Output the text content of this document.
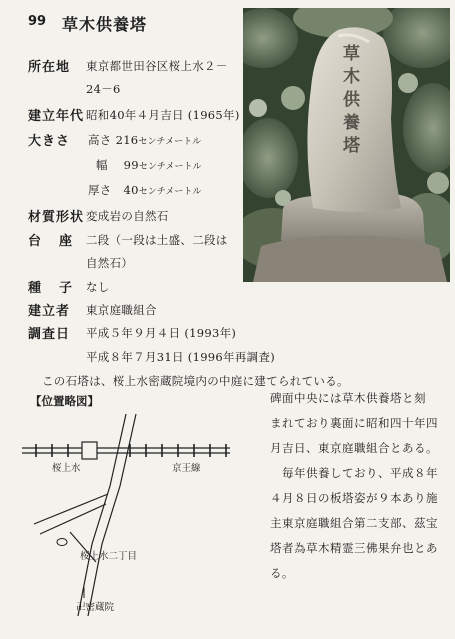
99 草木供養塔
草木供養塔
所在地 東京都世田谷区桜上水２－
24－6
建立年代 昭和40年４月吉日 (1965年)
大きさ 高さ 216センチメートル
幅 99センチメートル
厚さ 40センチメートル
材質形状 変成岩の自然石
台座
二段（一段は土盛、二段は
自然石）
種子
なし
建立者 東京庭職組合
調査日 平成５年９月４日 (1993年)
平成８年７月31日 (1996年再調査)
この石塔は、桜上水密蔵院境内の中庭に建てられている。
【位置略図】
桜上水	京王線
桜上水二丁目
卍密蔵院
碑面中央には草木供養塔と刻
まれており裏面に昭和四十年四
月吉日、東京庭職組合とある。
　毎年供養しており、平成８年
４月８日の板塔姿が９本あり施
主東京庭職組合第二支部、茲宝
塔者為草木精霊三佛果弁也とあ
る。
